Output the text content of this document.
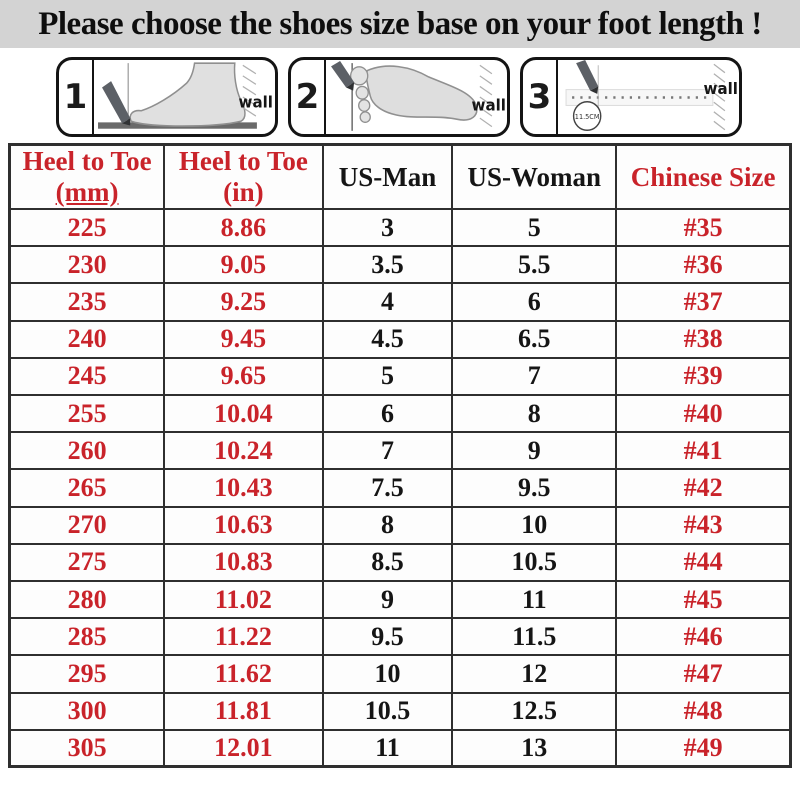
Please choose the shoes size base on your foot length !
1	wall 2	wall 3
11.5CM
wall
Heel to Toe
(mm)	Heel to Toe
(in)	US-Man	US-Woman	Chinese Size

225	8.86	3	5	#35
230	9.05	3.5	5.5	#36
235	9.25	4	6	#37
240	9.45	4.5	6.5	#38
245	9.65	5	7	#39
255	10.04	6	8	#40
260	10.24	7	9	#41
265	10.43	7.5	9.5	#42
270	10.63	8	10	#43
275	10.83	8.5	10.5	#44
280	11.02	9	11	#45
285	11.22	9.5	11.5	#46
295	11.62	10	12	#47
300	11.81	10.5	12.5	#48
305	12.01	11	13	#49
